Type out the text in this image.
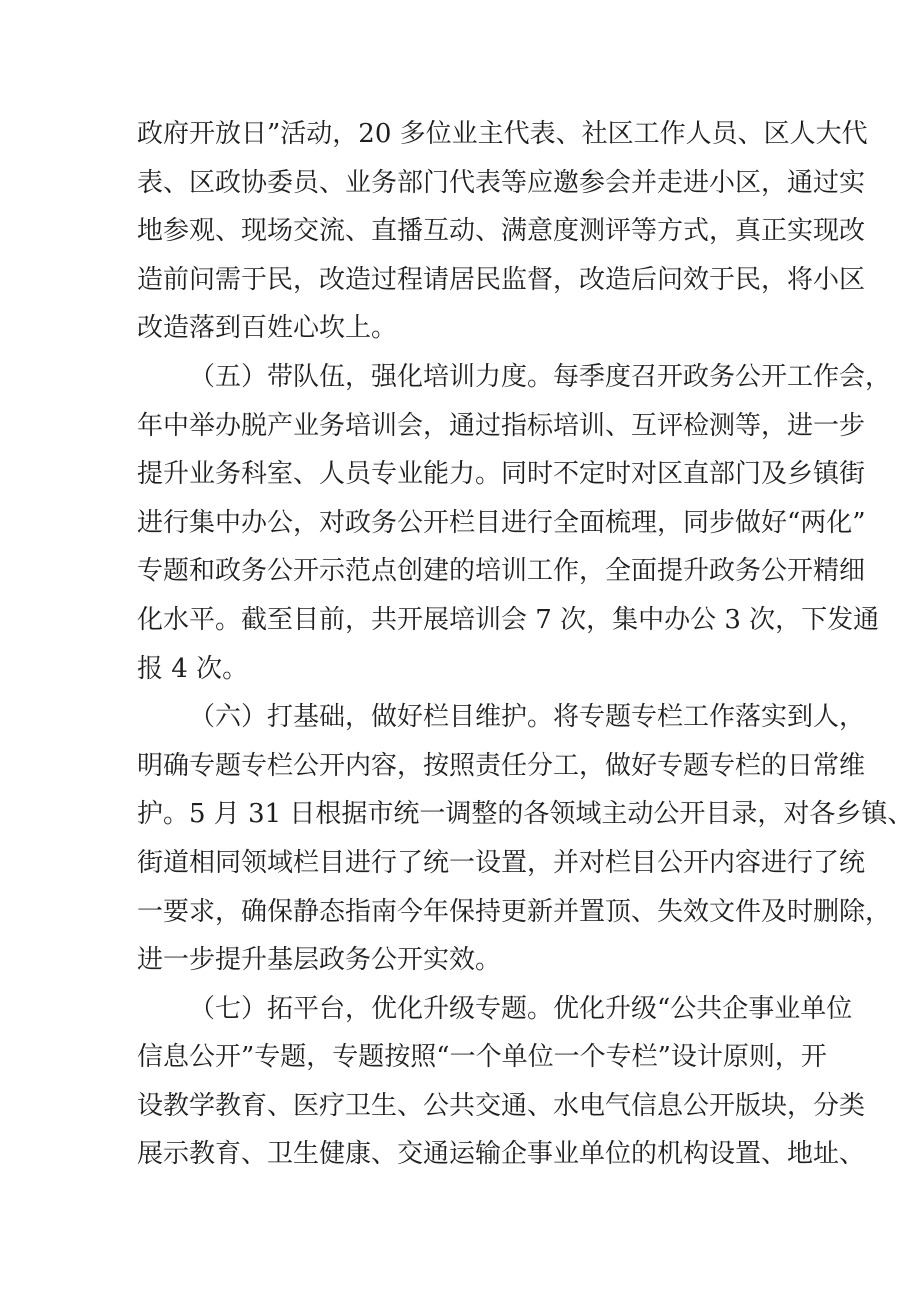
政府开放日”活动，20 多位业主代表、社区工作人员、区人大代
表、区政协委员、业务部门代表等应邀参会并走进小区，通过实
地参观、现场交流、直播互动、满意度测评等方式，真正实现改
造前问需于民，改造过程请居民监督，改造后问效于民，将小区
改造落到百姓心坎上。
（五）带队伍，强化培训力度。每季度召开政务公开工作会，
年中举办脱产业务培训会，通过指标培训、互评检测等，进一步
提升业务科室、人员专业能力。同时不定时对区直部门及乡镇街
进行集中办公，对政务公开栏目进行全面梳理，同步做好“两化”
专题和政务公开示范点创建的培训工作，全面提升政务公开精细
化水平。截至目前，共开展培训会 7 次，集中办公 3 次，下发通
报 4 次。
（六）打基础，做好栏目维护。将专题专栏工作落实到人，
明确专题专栏公开内容，按照责任分工，做好专题专栏的日常维
护。5 月 31 日根据市统一调整的各领域主动公开目录，对各乡镇、
街道相同领域栏目进行了统一设置，并对栏目公开内容进行了统
一要求，确保静态指南今年保持更新并置顶、失效文件及时删除，
进一步提升基层政务公开实效。
（七）拓平台，优化升级专题。优化升级“公共企事业单位
信息公开”专题，专题按照“一个单位一个专栏”设计原则，开
设教学教育、医疗卫生、公共交通、水电气信息公开版块，分类
展示教育、卫生健康、交通运输企事业单位的机构设置、地址、
